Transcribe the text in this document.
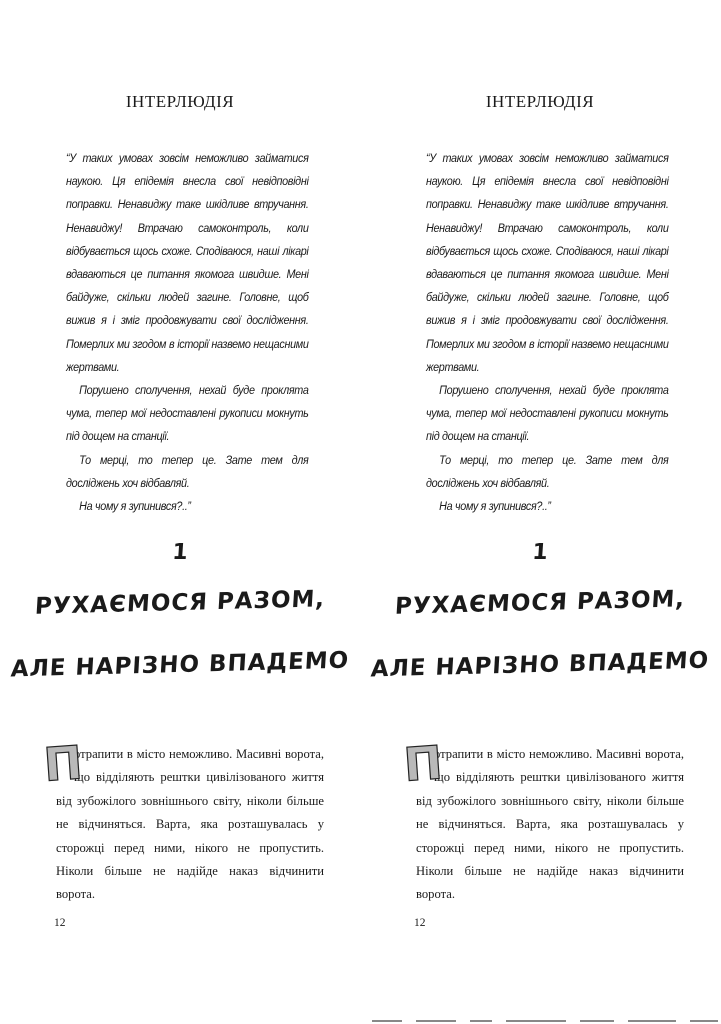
ІНТЕРЛЮДІЯ

“У таких умовах зовсім неможливо займатися наукою. Ця епідемія внесла свої невідповідні поправки. Ненавиджу таке шкідливе втручання. Ненавиджу! Втрачаю самоконтроль, коли відбувається щось схоже. Сподіваюся, наші лікарі вдаваються це питання якомога швидше. Мені байдуже, скільки людей загине. Головне, щоб вижив я і зміг продовжувати свої дослідження. Померлих ми згодом в історії назвемо нещасними жертвами.

Порушено сполучення, нехай буде проклята чума, тепер мої недоставлені рукописи мокнуть під дощем на станції.

То мерці, то тепер це. Зате тем для досліджень хоч відбавляй.

На чому я зупинився?..”

1
РУХАЄМОСЯ РАЗОМ,
АЛЕ НАРІЗНО ВПАДЕМО
П

отрапити в місто неможливо. Масивні ворота, що відділяють рештки цивілізованого життя від зубожілого зовнішнього світу, ніколи більше не відчиняться. Варта, яка розташувалась у сторожці перед ними, нікого не пропустить. Ніколи більше не надійде наказ відчинити ворота.

12
ІНТЕРЛЮДІЯ

“У таких умовах зовсім неможливо займатися наукою. Ця епідемія внесла свої невідповідні поправки. Ненавиджу таке шкідливе втручання. Ненавиджу! Втрачаю самоконтроль, коли відбувається щось схоже. Сподіваюся, наші лікарі вдаваються це питання якомога швидше. Мені байдуже, скільки людей загине. Головне, щоб вижив я і зміг продовжувати свої дослідження. Померлих ми згодом в історії назвемо нещасними жертвами.

Порушено сполучення, нехай буде проклята чума, тепер мої недоставлені рукописи мокнуть під дощем на станції.

То мерці, то тепер це. Зате тем для досліджень хоч відбавляй.

На чому я зупинився?..”

1
РУХАЄМОСЯ РАЗОМ,
АЛЕ НАРІЗНО ВПАДЕМО
П

отрапити в місто неможливо. Масивні ворота, що відділяють рештки цивілізованого життя від зубожілого зовнішнього світу, ніколи більше не відчиняться. Варта, яка розташувалась у сторожці перед ними, нікого не пропустить. Ніколи більше не надійде наказ відчинити ворота.

12
